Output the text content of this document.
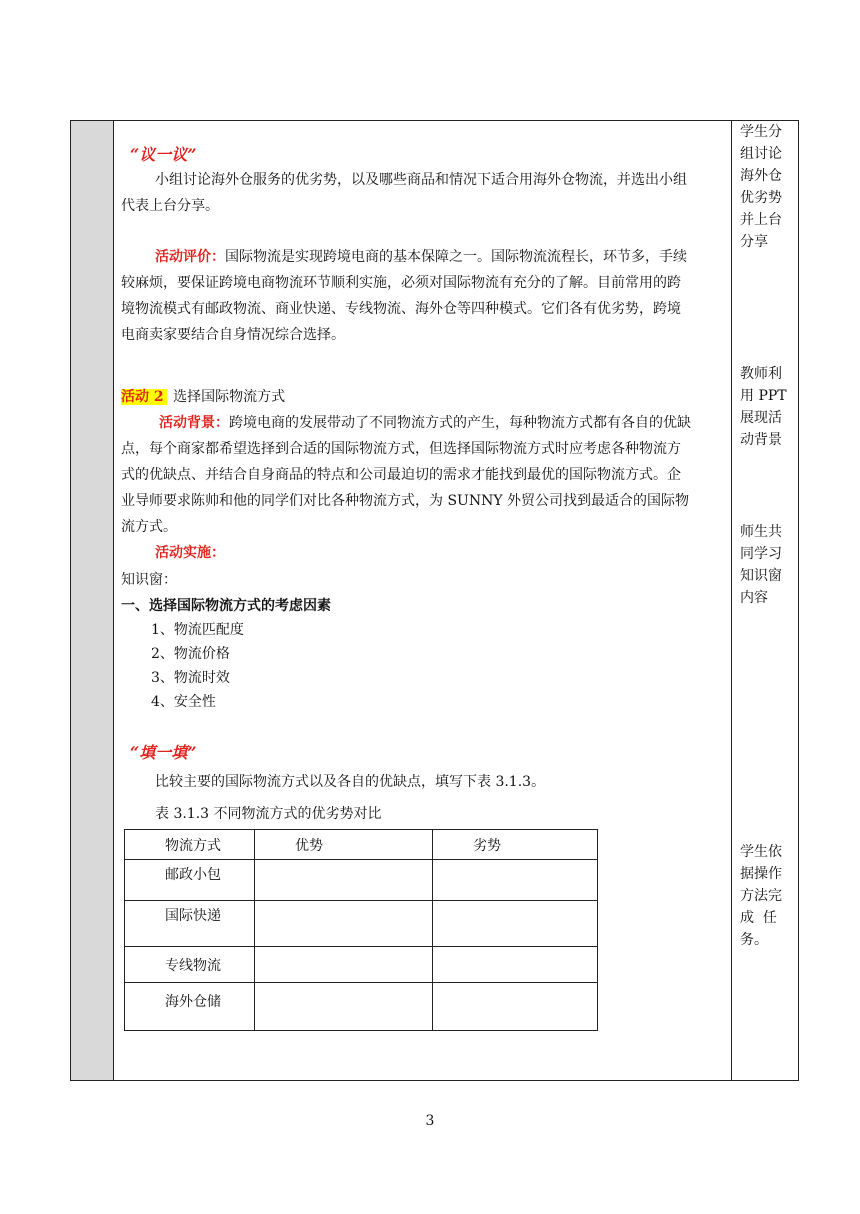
学生分
组讨论
海外仓
优劣势
并上台
分享
教师利
用 PPT
展现活
动背景
师生共
同学习
知识窗
内容
学生依
据操作
方法完
成  任
务。
“议一议”
小组讨论海外仓服务的优劣势，以及哪些商品和情况下适合用海外仓物流，并选出小组
代表上台分享。
活动评价：国际物流是实现跨境电商的基本保障之一。国际物流流程长，环节多，手续
较麻烦，要保证跨境电商物流环节顺利实施，必须对国际物流有充分的了解。目前常用的跨
境物流模式有邮政物流、商业快递、专线物流、海外仓等四种模式。它们各有优劣势，跨境
电商卖家要结合自身情况综合选择。
活动 2 选择国际物流方式
活动背景：跨境电商的发展带动了不同物流方式的产生，每种物流方式都有各自的优缺
点，每个商家都希望选择到合适的国际物流方式，但选择国际物流方式时应考虑各种物流方
式的优缺点、并结合自身商品的特点和公司最迫切的需求才能找到最优的国际物流方式。企
业导师要求陈帅和他的同学们对比各种物流方式，为 SUNNY 外贸公司找到最适合的国际物
流方式。
活动实施：
知识窗：
一、选择国际物流方式的考虑因素
1、物流匹配度
2、物流价格
3、物流时效
4、安全性
“填一填”
比较主要的国际物流方式以及各自的优缺点，填写下表 3.1.3。
表 3.1.3 不同物流方式的优劣势对比
物流方式	优势	劣势
邮政小包		
国际快递		
专线物流		
海外仓储		
3
